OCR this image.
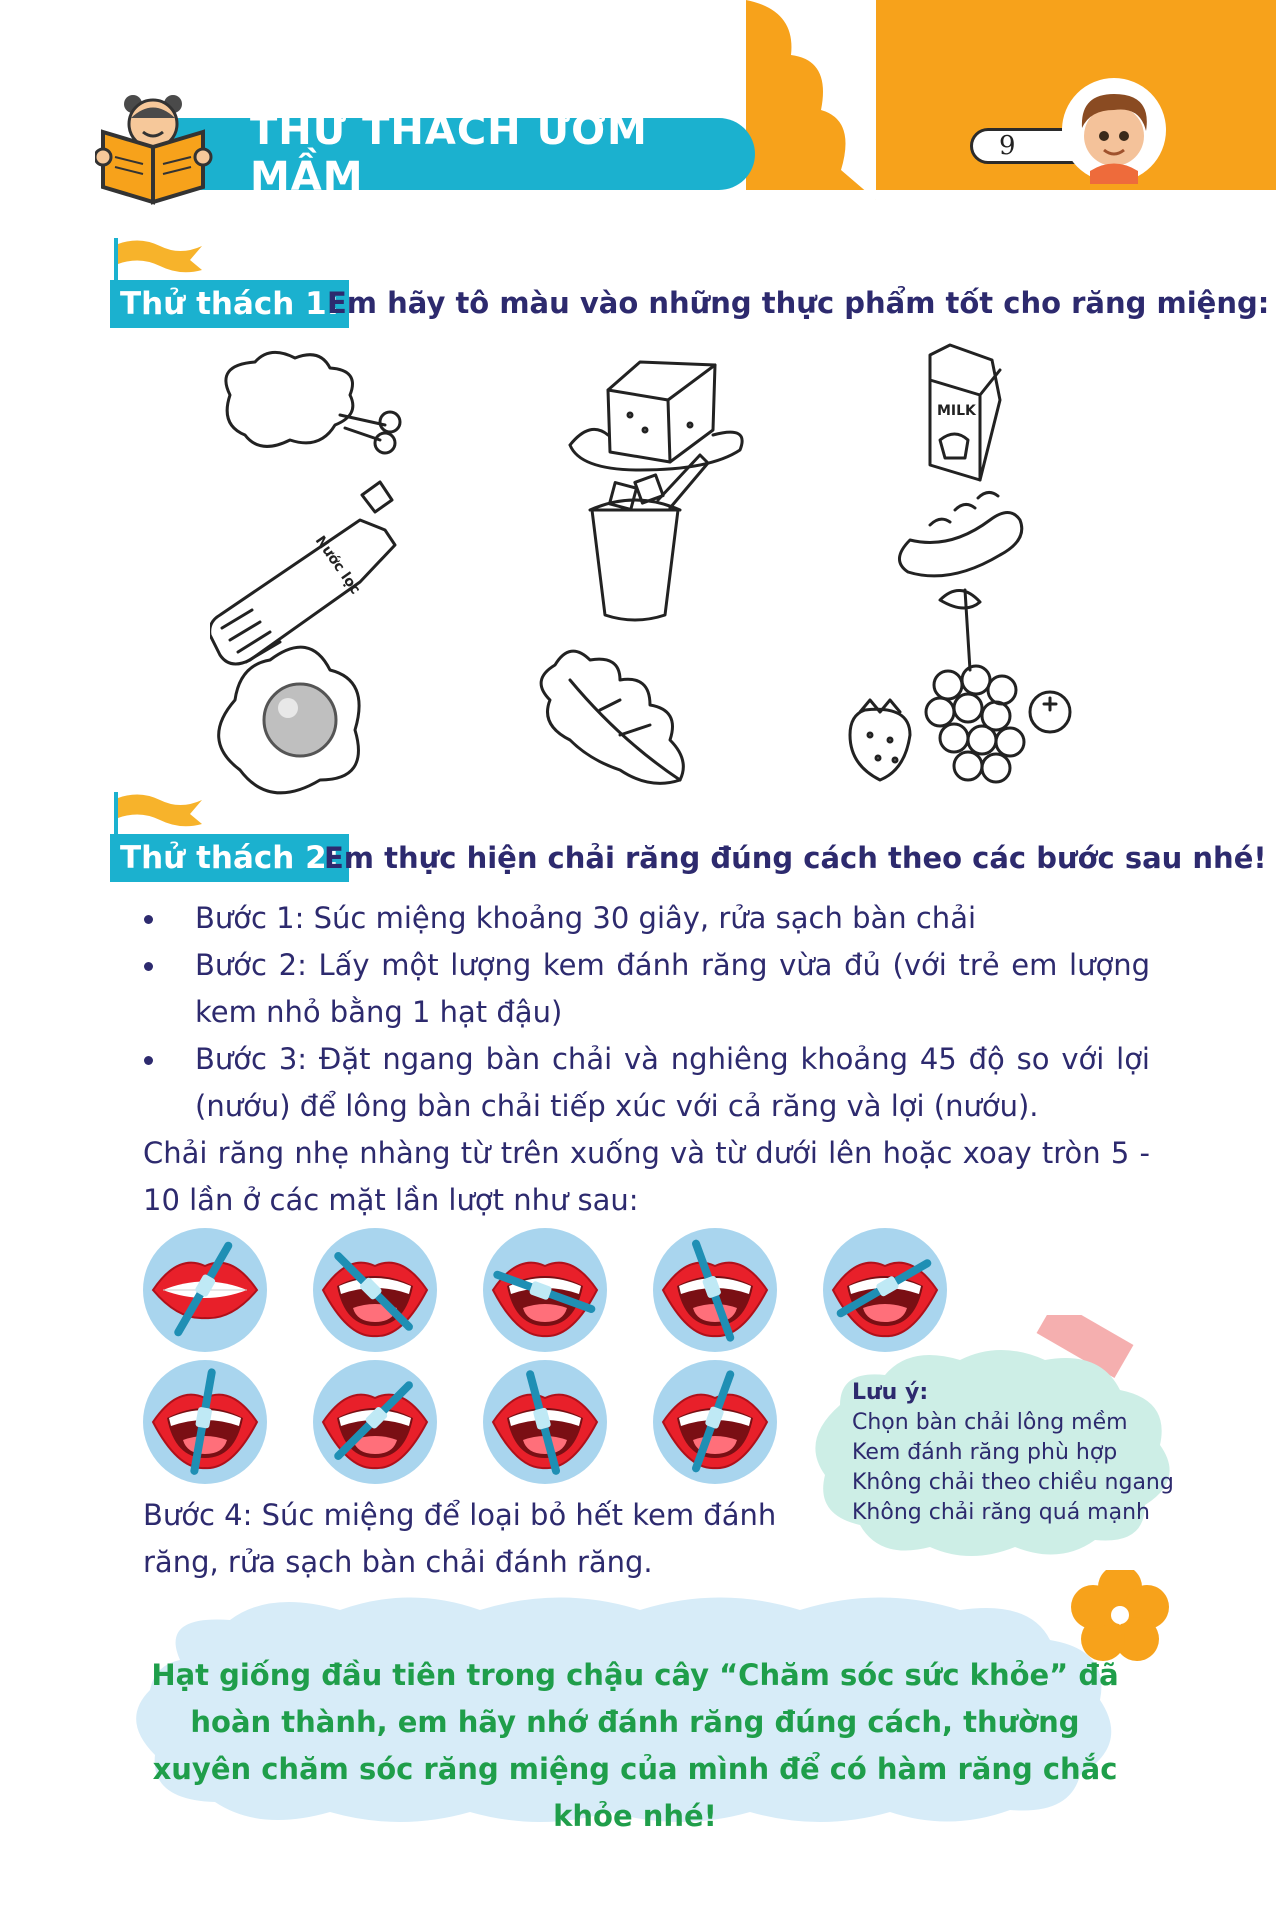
THỬ THÁCH ƯƠM MẦM
9
Thử thách 1:
Em hãy tô màu vào những thực phẩm tốt cho răng miệng:
MILK
Nước lọc
Thử thách 2:
Em thực hiện chải răng đúng cách theo các bước sau nhé!
Bước 1: Súc miệng khoảng 30 giây, rửa sạch bàn chải
Bước 2: Lấy một lượng kem đánh răng vừa đủ (với trẻ em lượng kem nhỏ bằng 1 hạt đậu)
Bước 3: Đặt ngang bàn chải và nghiêng khoảng 45 độ so với lợi (nướu) để lông bàn chải tiếp xúc với cả răng và lợi (nướu).
Chải răng nhẹ nhàng từ trên xuống và từ dưới lên hoặc xoay tròn 5 - 10 lần ở các mặt lần lượt như sau:
Bước 4: Súc miệng để loại bỏ hết kem đánh răng, rửa sạch bàn chải đánh răng.
Lưu ý:
Chọn bàn chải lông mềm
Kem đánh răng phù hợp
Không chải theo chiều ngang
Không chải răng quá mạnh
Hạt giống đầu tiên trong chậu cây “Chăm sóc sức khỏe” đã hoàn thành, em hãy nhớ đánh răng đúng cách, thường xuyên chăm sóc răng miệng của mình để có hàm răng chắc khỏe nhé!
